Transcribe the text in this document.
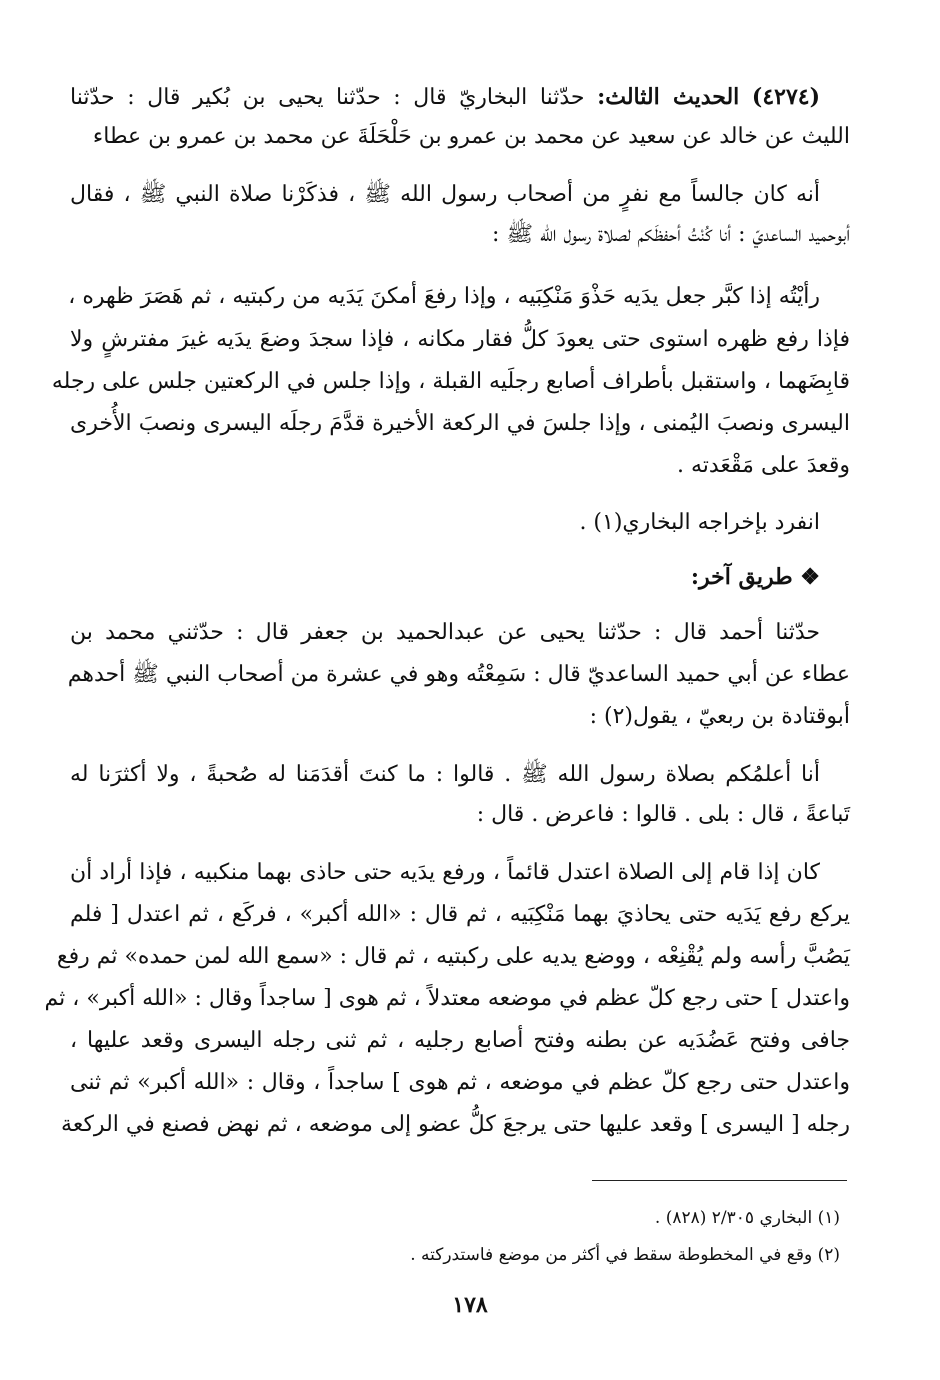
(٤٢٧٤) الحديث الثالث: حدّثنا البخاريّ قال : حدّثنا يحيى بن بُكير قال : حدّثنا
الليث عن خالد عن سعيد عن محمد بن عمرو بن حَلْحَلَةَ عن محمد بن عمرو بن عطاء
أنه كان جالساً مع نفرٍ من أصحاب رسول الله ﷺ ، فذكَرْنا صلاة النبي ﷺ ، فقال
أبوحميد الساعديّ : أنا كُنْتُ أحفظَكم لصلاة رسول الله ﷺ :
رأيْتُه إذا كبَّر جعل يدَيه حَذْوَ مَنْكِبَيه ، وإذا رفعَ أمكنَ يَدَيه من ركبتيه ، ثم هَصَرَ ظهره ،
فإذا رفع ظهره استوى حتى يعودَ كلُّ فقار مكانه ، فإذا سجدَ وضعَ يدَيه غيرَ مفترشٍ ولا
قابِضَهما ، واستقبل بأطراف أصابع رجلَيه القبلة ، وإذا جلس في الركعتين جلس على رجله
اليسرى ونصبَ اليُمنى ، وإذا جلسَ في الركعة الأخيرة قدَّمَ رجلَه اليسرى ونصبَ الأُخرى
وقعدَ على مَقْعَدته .
انفرد بإخراجه البخاري(١) .
❖ طريق آخر:
حدّثنا أحمد قال : حدّثنا يحيى عن عبدالحميد بن جعفر قال : حدّثني محمد بن
عطاء عن أبي حميد الساعديّ قال : سَمِعْتُه وهو في عشرة من أصحاب النبي ﷺ أحدهم
أبوقتادة بن ربعيّ ، يقول(٢) :
أنا أعلمُكم بصلاة رسول الله ﷺ . قالوا : ما كنتَ أقدَمَنا له صُحبةً ، ولا أكثرَنا له
تَباعةً ، قال : بلى . قالوا : فاعرض . قال :
كان إذا قام إلى الصلاة اعتدل قائماً ، ورفع يدَيه حتى حاذى بهما منكبيه ، فإذا أراد أن
يركع رفع يَدَيه حتى يحاذيَ بهما مَنْكِبَيه ، ثم قال : «الله أكبر» ، فركَع ، ثم اعتدل [ فلم
يَصُبَّ رأسه ولم يُقْنِعْه ، ووضع يديه على ركبتيه ، ثم قال : «سمع الله لمن حمده» ثم رفع
واعتدل ] حتى رجع كلّ عظم في موضعه معتدلاً ، ثم هوى [ ساجداً وقال : «الله أكبر» ، ثم
جافى وفتح عَضُدَيه عن بطنه وفتح أصابع رجليه ، ثم ثنى رجله اليسرى وقعد عليها ،
واعتدل حتى رجع كلّ عظم في موضعه ، ثم هوى ] ساجداً ، وقال : «الله أكبر» ثم ثنى
رجله [ اليسرى ] وقعد عليها حتى يرجعَ كلُّ عضو إلى موضعه ، ثم نهض فصنع في الركعة
(١) البخاري ٢/٣٠٥ (٨٢٨) .
(٢) وقع في المخطوطة سقط في أكثر من موضع فاستدركته .
١٧٨
